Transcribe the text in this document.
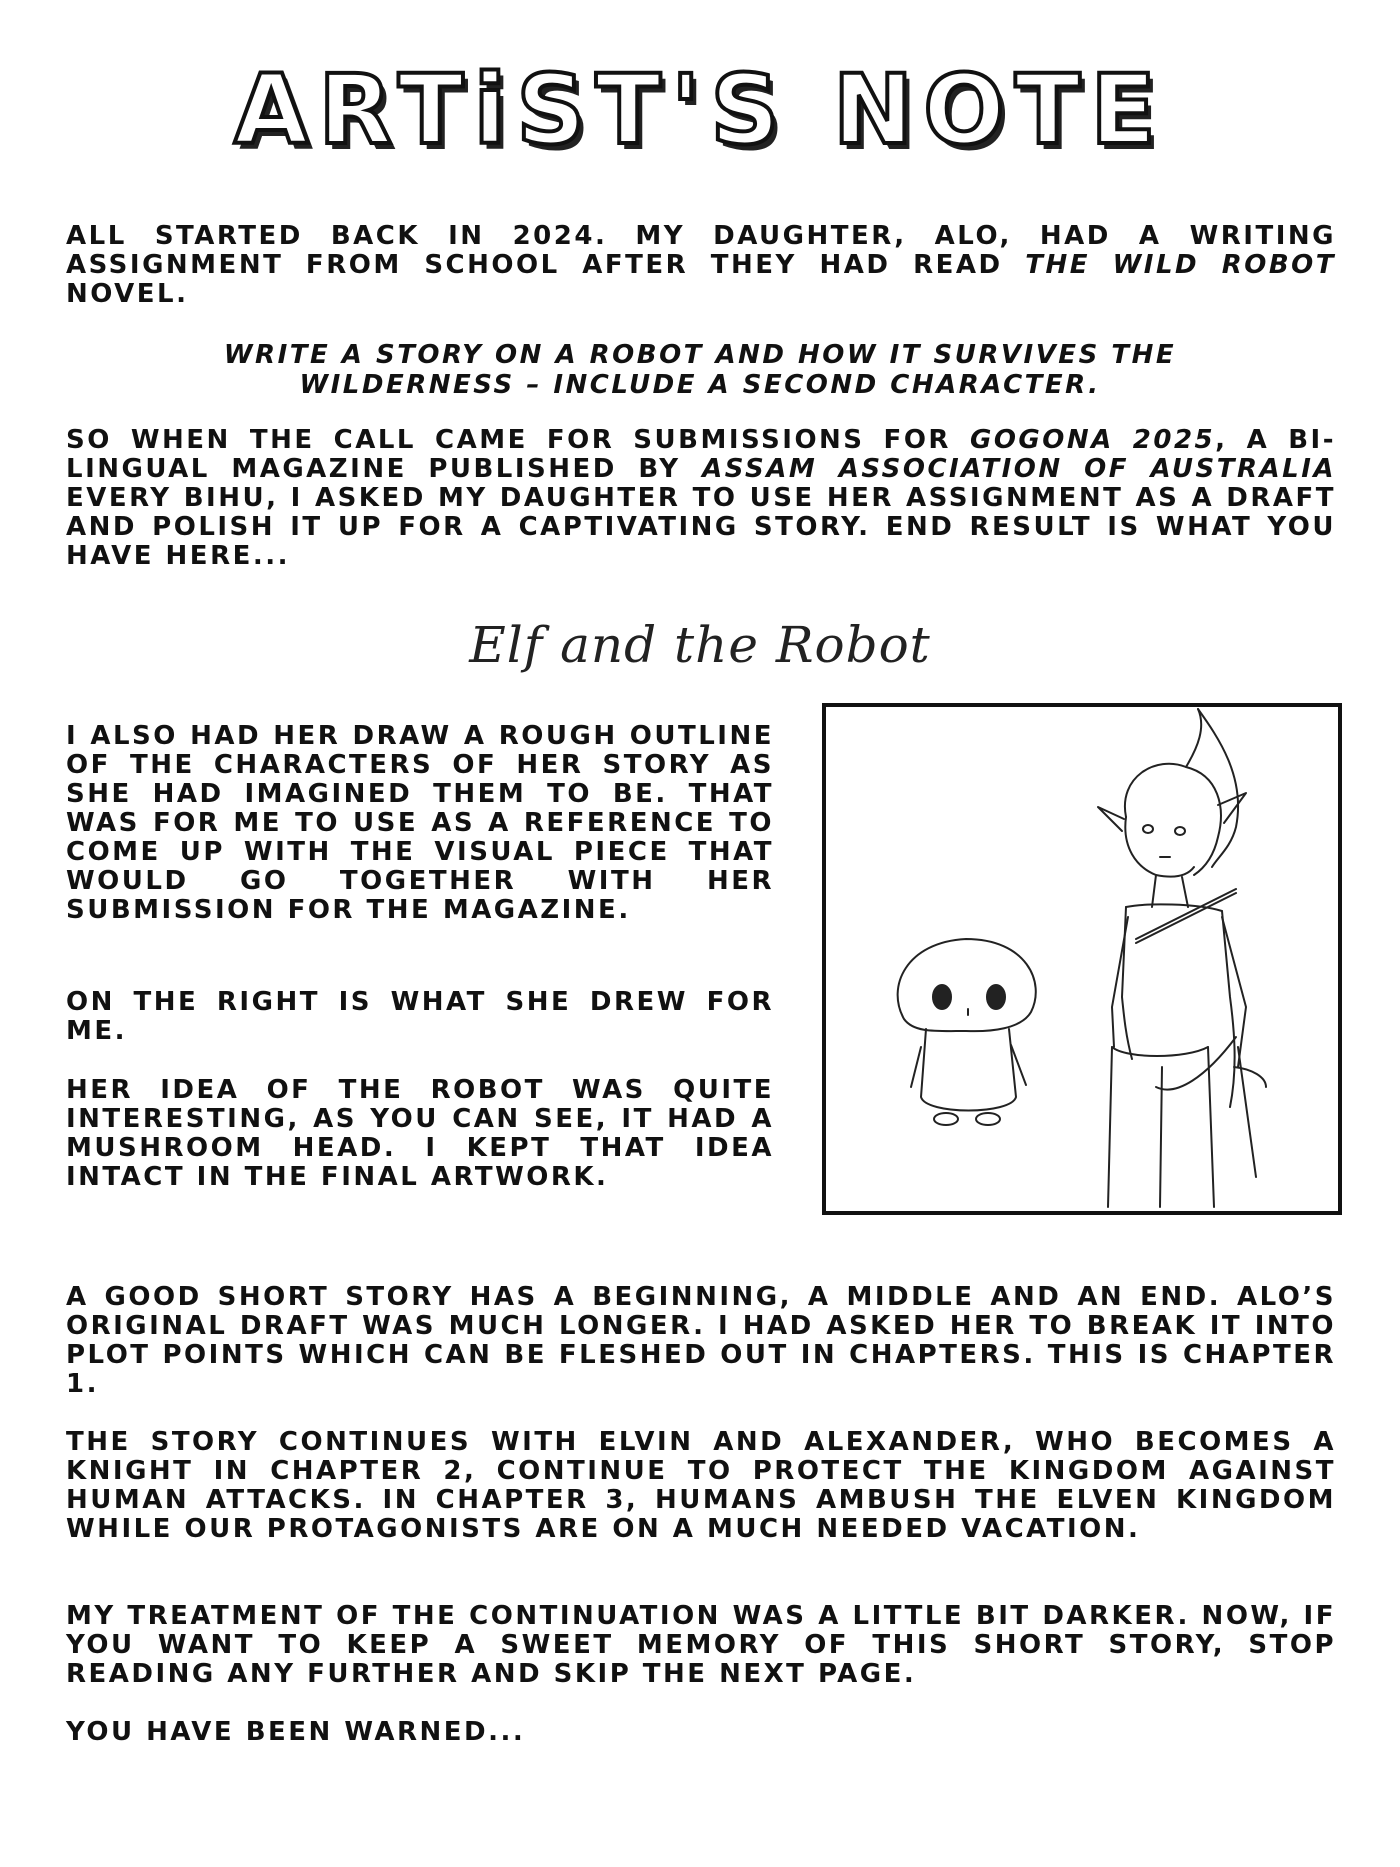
ARTiST'S NOTE

ALL STARTED BACK IN 2024. MY DAUGHTER, ALO, HAD A WRITING ASSIGNMENT FROM SCHOOL AFTER THEY HAD READ THE WILD ROBOT NOVEL.

WRITE A STORY ON A ROBOT AND HOW IT SURVIVES THE WILDERNESS – INCLUDE A SECOND CHARACTER.

SO WHEN THE CALL CAME FOR SUBMISSIONS FOR GOGONA 2025, A BI-LINGUAL MAGAZINE PUBLISHED BY ASSAM ASSOCIATION OF AUSTRALIA EVERY BIHU, I ASKED MY DAUGHTER TO USE HER ASSIGNMENT AS A DRAFT AND POLISH IT UP FOR A CAPTIVATING STORY. END RESULT IS WHAT YOU HAVE HERE...

Elf and the Robot

I ALSO HAD HER DRAW A ROUGH OUTLINE OF THE CHARACTERS OF HER STORY AS SHE HAD IMAGINED THEM TO BE. THAT WAS FOR ME TO USE AS A REFERENCE TO COME UP WITH THE VISUAL PIECE THAT WOULD GO TOGETHER WITH HER SUBMISSION FOR THE MAGAZINE.

ON THE RIGHT IS WHAT SHE DREW FOR ME.

HER IDEA OF THE ROBOT WAS QUITE INTERESTING, AS YOU CAN SEE, IT HAD A MUSHROOM HEAD. I KEPT THAT IDEA INTACT IN THE FINAL ARTWORK.

A GOOD SHORT STORY HAS A BEGINNING, A MIDDLE AND AN END. ALO’S ORIGINAL DRAFT WAS MUCH LONGER. I HAD ASKED HER TO BREAK IT INTO PLOT POINTS WHICH CAN BE FLESHED OUT IN CHAPTERS. THIS IS CHAPTER 1.

THE STORY CONTINUES WITH ELVIN AND ALEXANDER, WHO BECOMES A KNIGHT IN CHAPTER 2, CONTINUE TO PROTECT THE KINGDOM AGAINST HUMAN ATTACKS. IN CHAPTER 3, HUMANS AMBUSH THE ELVEN KINGDOM WHILE OUR PROTAGONISTS ARE ON A MUCH NEEDED VACATION.

MY TREATMENT OF THE CONTINUATION WAS A LITTLE BIT DARKER. NOW, IF YOU WANT TO KEEP A SWEET MEMORY OF THIS SHORT STORY, STOP READING ANY FURTHER AND SKIP THE NEXT PAGE.

YOU HAVE BEEN WARNED...
